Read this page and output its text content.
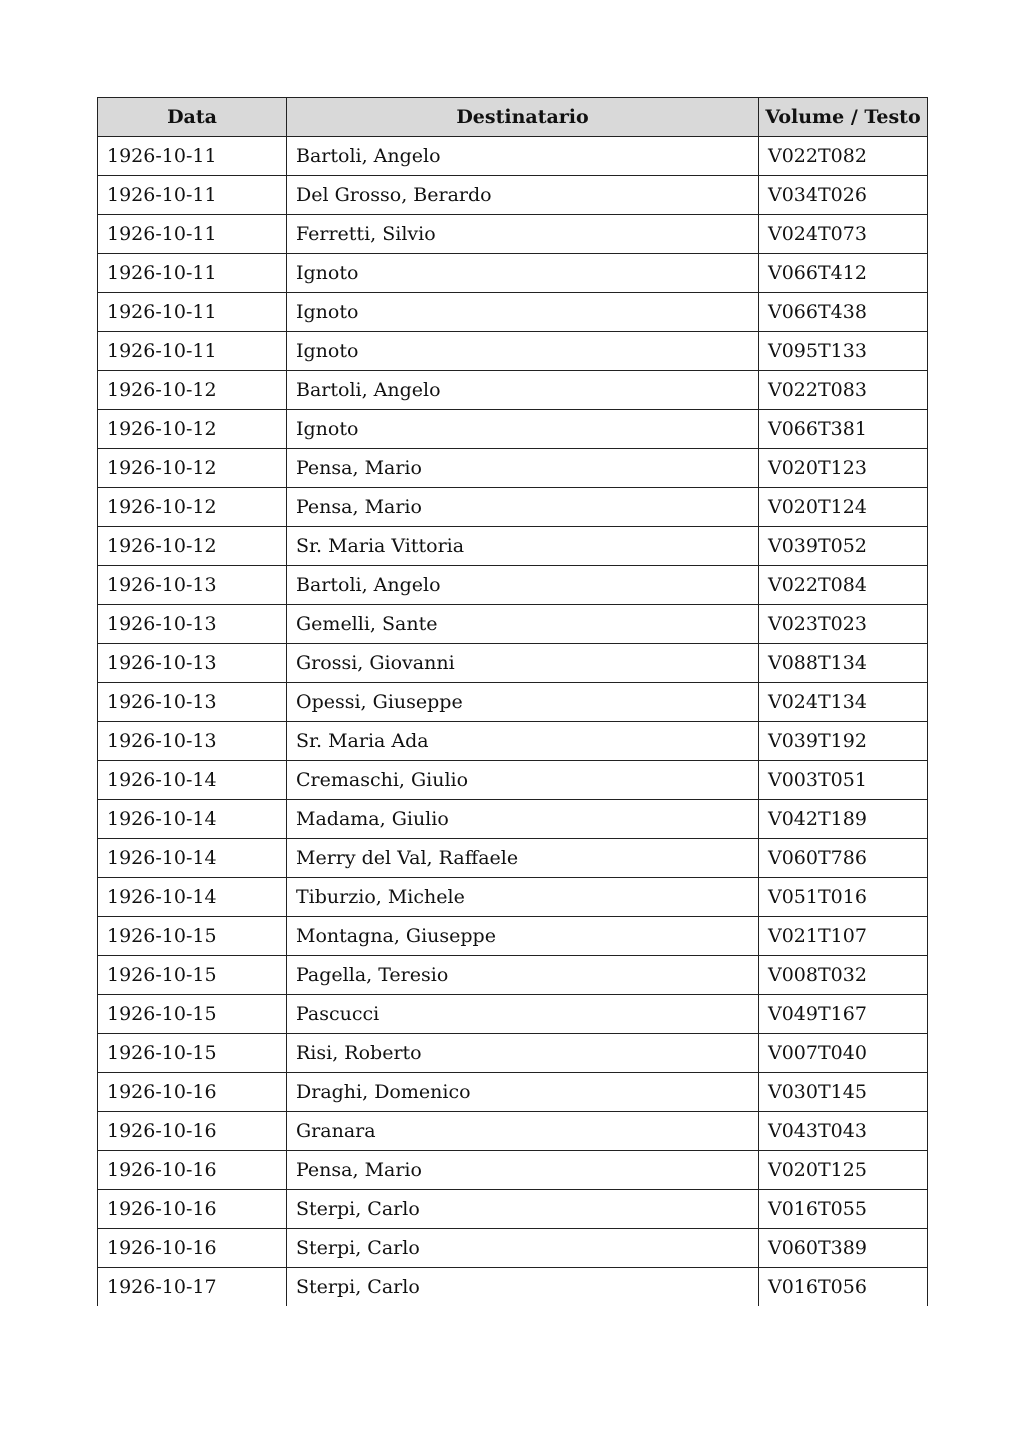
Data	Destinatario	Volume / Testo
1926-10-11	Bartoli, Angelo	V022T082
1926-10-11	Del Grosso, Berardo	V034T026
1926-10-11	Ferretti, Silvio	V024T073
1926-10-11	Ignoto	V066T412
1926-10-11	Ignoto	V066T438
1926-10-11	Ignoto	V095T133
1926-10-12	Bartoli, Angelo	V022T083
1926-10-12	Ignoto	V066T381
1926-10-12	Pensa, Mario	V020T123
1926-10-12	Pensa, Mario	V020T124
1926-10-12	Sr. Maria Vittoria	V039T052
1926-10-13	Bartoli, Angelo	V022T084
1926-10-13	Gemelli, Sante	V023T023
1926-10-13	Grossi, Giovanni	V088T134
1926-10-13	Opessi, Giuseppe	V024T134
1926-10-13	Sr. Maria Ada	V039T192
1926-10-14	Cremaschi, Giulio	V003T051
1926-10-14	Madama, Giulio	V042T189
1926-10-14	Merry del Val, Raffaele	V060T786
1926-10-14	Tiburzio, Michele	V051T016
1926-10-15	Montagna, Giuseppe	V021T107
1926-10-15	Pagella, Teresio	V008T032
1926-10-15	Pascucci	V049T167
1926-10-15	Risi, Roberto	V007T040
1926-10-16	Draghi, Domenico	V030T145
1926-10-16	Granara	V043T043
1926-10-16	Pensa, Mario	V020T125
1926-10-16	Sterpi, Carlo	V016T055
1926-10-16	Sterpi, Carlo	V060T389
1926-10-17	Sterpi, Carlo	V016T056
